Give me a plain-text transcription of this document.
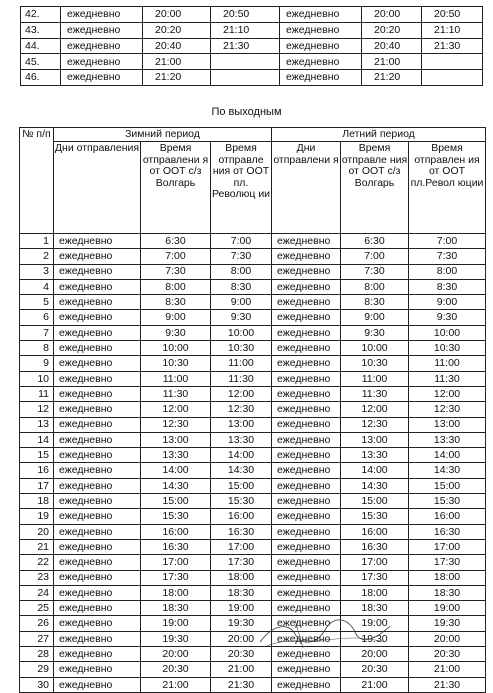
42.	ежедневно	20:00	20:50	ежедневно	20:00	20:50
43.	ежедневно	20:20	21:10	ежедневно	20:20	21:10
44.	ежедневно	20:40	21:30	ежедневно	20:40	21:30
45.	ежедневно	21:00		ежедневно	21:00	
46.	ежедневно	21:20		ежедневно	21:20	
По выходным
№ п/п	Зимний период			Летний период		
	Дни отправления	Время отправлени я от ООТ с/з Волгарь	Время отправле ния от ООТ пл. Революц ии	Дни отправлени я	Время отправле ния от ООТ с/з Волгарь	Время отправлен ия от ООТ пл.Револ юции
1	ежедневно	6:30	7:00	ежедневно	6:30	7:00
2	ежедневно	7:00	7:30	ежедневно	7:00	7:30
3	ежедневно	7:30	8:00	ежедневно	7:30	8:00
4	ежедневно	8:00	8:30	ежедневно	8:00	8:30
5	ежедневно	8:30	9:00	ежедневно	8:30	9:00
6	ежедневно	9:00	9:30	ежедневно	9:00	9:30
7	ежедневно	9:30	10:00	ежедневно	9:30	10:00
8	ежедневно	10:00	10:30	ежедневно	10:00	10:30
9	ежедневно	10:30	11:00	ежедневно	10:30	11:00
10	ежедневно	11:00	11:30	ежедневно	11:00	11:30
11	ежедневно	11:30	12:00	ежедневно	11:30	12:00
12	ежедневно	12:00	12:30	ежедневно	12:00	12:30
13	ежедневно	12:30	13:00	ежедневно	12:30	13:00
14	ежедневно	13:00	13:30	ежедневно	13:00	13:30
15	ежедневно	13:30	14:00	ежедневно	13:30	14:00
16	ежедневно	14:00	14:30	ежедневно	14:00	14:30
17	ежедневно	14:30	15:00	ежедневно	14:30	15:00
18	ежедневно	15:00	15:30	ежедневно	15:00	15:30
19	ежедневно	15:30	16:00	ежедневно	15:30	16:00
20	ежедневно	16:00	16:30	ежедневно	16:00	16:30
21	ежедневно	16:30	17:00	ежедневно	16:30	17:00
22	ежедневно	17:00	17:30	ежедневно	17:00	17:30
23	ежедневно	17:30	18:00	ежедневно	17:30	18:00
24	ежедневно	18:00	18:30	ежедневно	18:00	18:30
25	ежедневно	18:30	19:00	ежедневно	18:30	19:00
26	ежедневно	19:00	19:30	ежедневно	19:00	19:30
27	ежедневно	19:30	20:00	ежедневно	19:30	20:00
28	ежедневно	20:00	20:30	ежедневно	20:00	20:30
29	ежедневно	20:30	21:00	ежедневно	20:30	21:00
30	ежедневно	21:00	21:30	ежедневно	21:00	21:30
